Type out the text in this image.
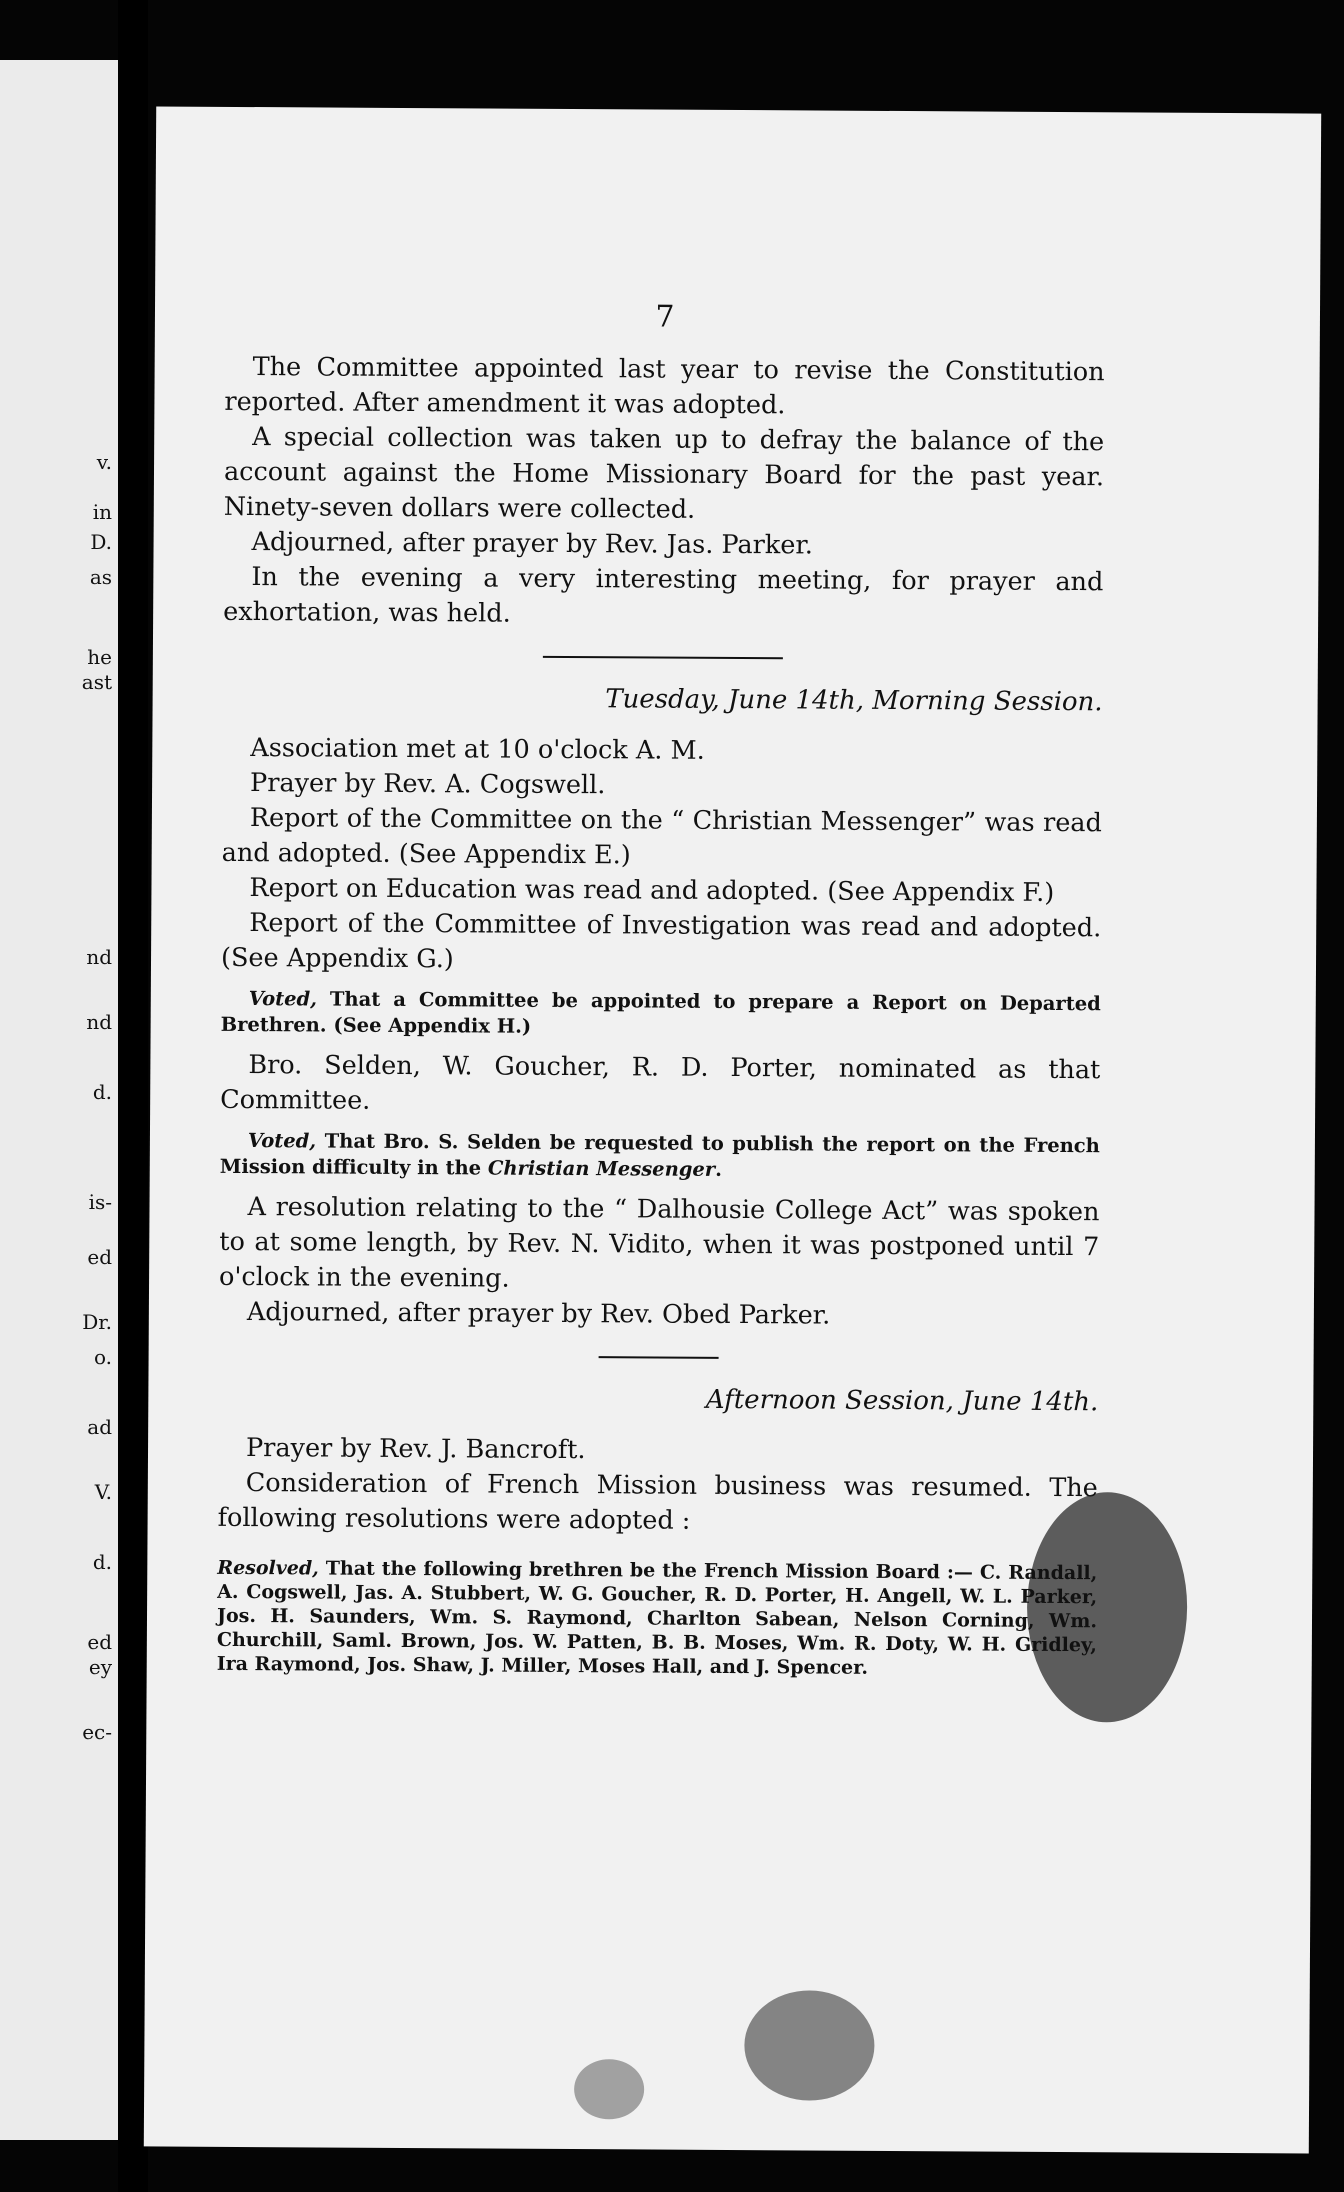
v.
in
D.
as
he
ast
nd
nd
d.
is-
ed
Dr.
o.
ad
V.
d.
ed
ey
ec-
7

The Committee appointed last year to revise the Constitution reported. After amendment it was adopted.

A special collection was taken up to defray the balance of the account against the Home Missionary Board for the past year. Ninety-seven dollars were collected.

Adjourned, after prayer by Rev. Jas. Parker.

In the evening a very interesting meeting, for prayer and exhortation, was held.

Tuesday, June 14th, Morning Session.

Association met at 10 o'clock A. M.

Prayer by Rev. A. Cogswell.

Report of the Committee on the “ Christian Messenger” was read and adopted. (See Appendix E.)

Report on Education was read and adopted. (See Appendix F.)

Report of the Committee of Investigation was read and adopted. (See Appendix G.)

Voted, That a Committee be appointed to prepare a Report on Departed Brethren. (See Appendix H.)

Bro. Selden, W. Goucher, R. D. Porter, nominated as that Committee.

Voted, That Bro. S. Selden be requested to publish the report on the French Mission difficulty in the Christian Messenger.

A resolution relating to the “ Dalhousie College Act” was spoken to at some length, by Rev. N. Vidito, when it was postponed until 7 o'clock in the evening.

Adjourned, after prayer by Rev. Obed Parker.

Afternoon Session, June 14th.

Prayer by Rev. J. Bancroft.

Consideration of French Mission business was resumed. The following resolutions were adopted :

Resolved, That the following brethren be the French Mission Board :— C. Randall, A. Cogswell, Jas. A. Stubbert, W. G. Goucher, R. D. Porter, H. Angell, W. L. Parker, Jos. H. Saunders, Wm. S. Raymond, Charlton Sabean, Nelson Corning, Wm. Churchill, Saml. Brown, Jos. W. Patten, B. B. Moses, Wm. R. Doty, W. H. Gridley, Ira Raymond, Jos. Shaw, J. Miller, Moses Hall, and J. Spencer.
